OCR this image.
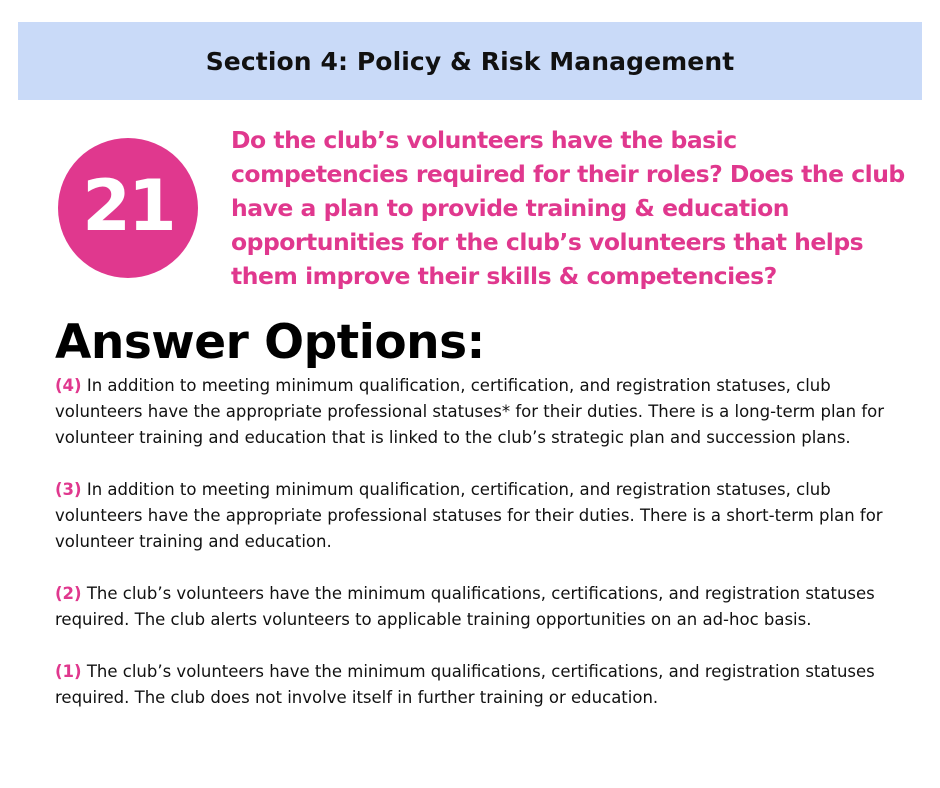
Section 4: Policy & Risk Management
21

Do the club’s volunteers have the basic competencies required for their roles? Does the club have a plan to provide training & education opportunities for the club’s volunteers that helps them improve their skills & competencies?

Answer Options:

(4) In addition to meeting minimum qualification, certification, and registration statuses, club volunteers have the appropriate professional statuses* for their duties. There is a long-term plan for volunteer training and education that is linked to the club’s strategic plan and succession plans.

(3) In addition to meeting minimum qualification, certification, and registration statuses, club volunteers have the appropriate professional statuses for their duties. There is a short-term plan for volunteer training and education.

(2) The club’s volunteers have the minimum qualifications, certifications, and registration statuses required. The club alerts volunteers to applicable training opportunities on an ad-hoc basis.

(1) The club’s volunteers have the minimum qualifications, certifications, and registration statuses required. The club does not involve itself in further training or education.
